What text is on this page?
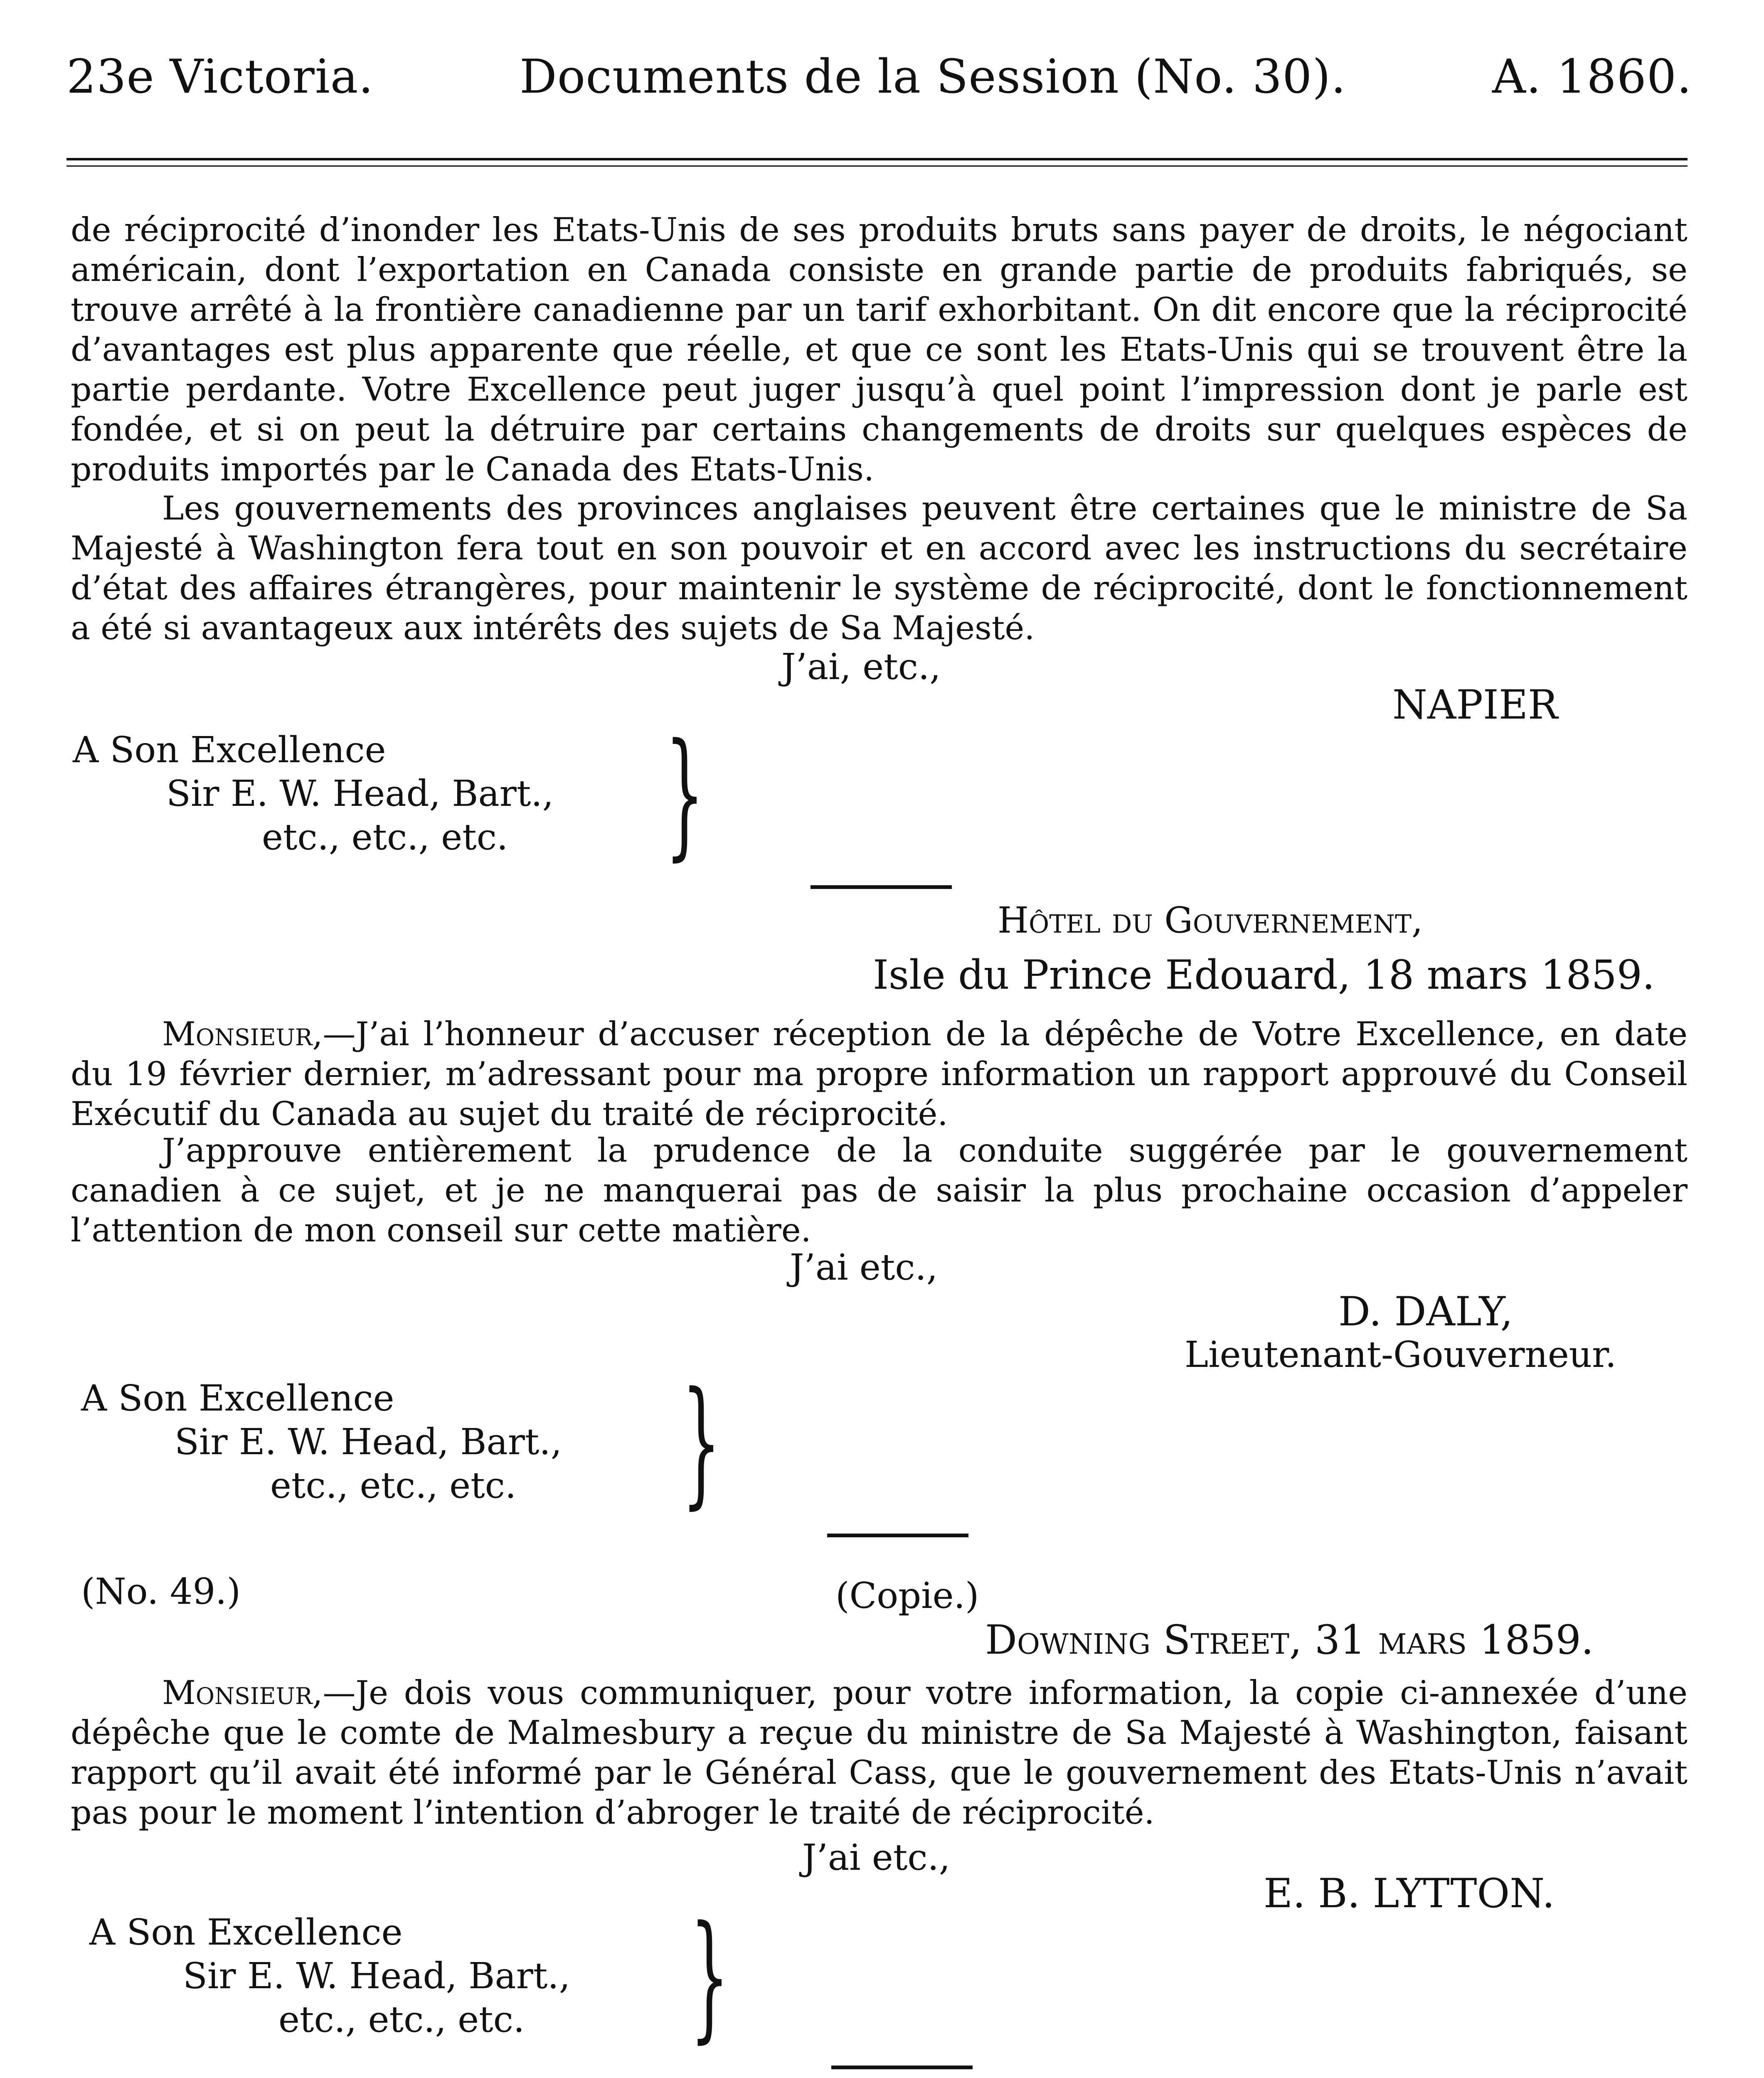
23e Victoria.	Documents de la Session (No. 30).	A. 1860.

de réciprocité d’inonder les Etats-Unis de ses produits bruts sans payer de droits, le négociant américain, dont l’exportation en Canada consiste en grande partie de produits fabriqués, se trouve arrêté à la frontière canadienne par un tarif exhorbitant. On dit encore que la réciprocité d’avantages est plus apparente que réelle, et que ce sont les Etats-Unis qui se trouvent être la partie perdante. Votre Excellence peut juger jusqu’à quel point l’impression dont je parle est fondée, et si on peut la détruire par certains changements de droits sur quelques espèces de produits importés par le Canada des Etats-Unis.

Les gouvernements des provinces anglaises peuvent être certaines que le ministre de Sa Majesté à Washington fera tout en son pouvoir et en accord avec les instructions du secrétaire d’état des affaires étrangères, pour maintenir le système de réciprocité, dont le fonctionnement a été si avantageux aux intérêts des sujets de Sa Majesté.

J’ai, etc.,
NAPIER
A Son Excellence
Sir E. W. Head, Bart.,
etc., etc., etc. }
Hôtel du Gouvernement,
Isle du Prince Edouard, 18 mars 1859.

Monsieur,—J’ai l’honneur d’accuser réception de la dépêche de Votre Excellence, en date du 19 février dernier, m’adressant pour ma propre information un rapport approuvé du Conseil Exécutif du Canada au sujet du traité de réciprocité.

J’approuve entièrement la prudence de la conduite suggérée par le gouvernement canadien à ce sujet, et je ne manquerai pas de saisir la plus prochaine occasion d’appeler l’attention de mon conseil sur cette matière.

J’ai etc.,
D. DALY,
Lieutenant-Gouverneur.
A Son Excellence
Sir E. W. Head, Bart.,
etc., etc., etc. }
(No. 49.)	(Copie.)
Downing Street, 31 mars 1859.

Monsieur,—Je dois vous communiquer, pour votre information, la copie ci-annexée d’une dépêche que le comte de Malmesbury a reçue du ministre de Sa Majesté à Washington, faisant rapport qu’il avait été informé par le Général Cass, que le gouvernement des Etats-Unis n’avait pas pour le moment l’intention d’abroger le traité de réciprocité.

J’ai etc.,
E. B. LYTTON.
A Son Excellence
Sir E. W. Head, Bart.,
etc., etc., etc. }
